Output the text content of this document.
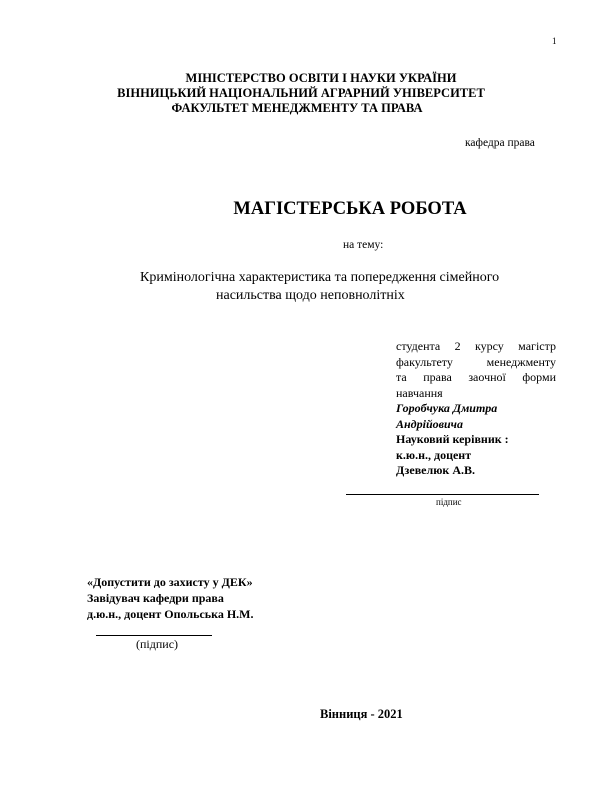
1
МІНІСТЕРСТВО ОСВІТИ І НАУКИ УКРАЇНИ
ВІННИЦЬКИЙ НАЦІОНАЛЬНИЙ АГРАРНИЙ УНІВЕРСИТЕТ
ФАКУЛЬТЕТ МЕНЕДЖМЕНТУ ТА ПРАВА
кафедра права
МАГІСТЕРСЬКА РОБОТА
на тему:
Кримінологічна характеристика та попередження сімейного
насильства щодо неповнолітніх
студента 2 курсу магістр
факультету менеджменту
та права заочної форми
навчання
Горобчука Дмитра
Андрійовича
Науковий керівник :
к.ю.н., доцент
Дзевелюк А.В.
підпис
«Допустити до захисту у ДЕК»
Завідувач кафедри права
д.ю.н., доцент Опольська Н.М.
(підпис)
Вінниця - 2021
